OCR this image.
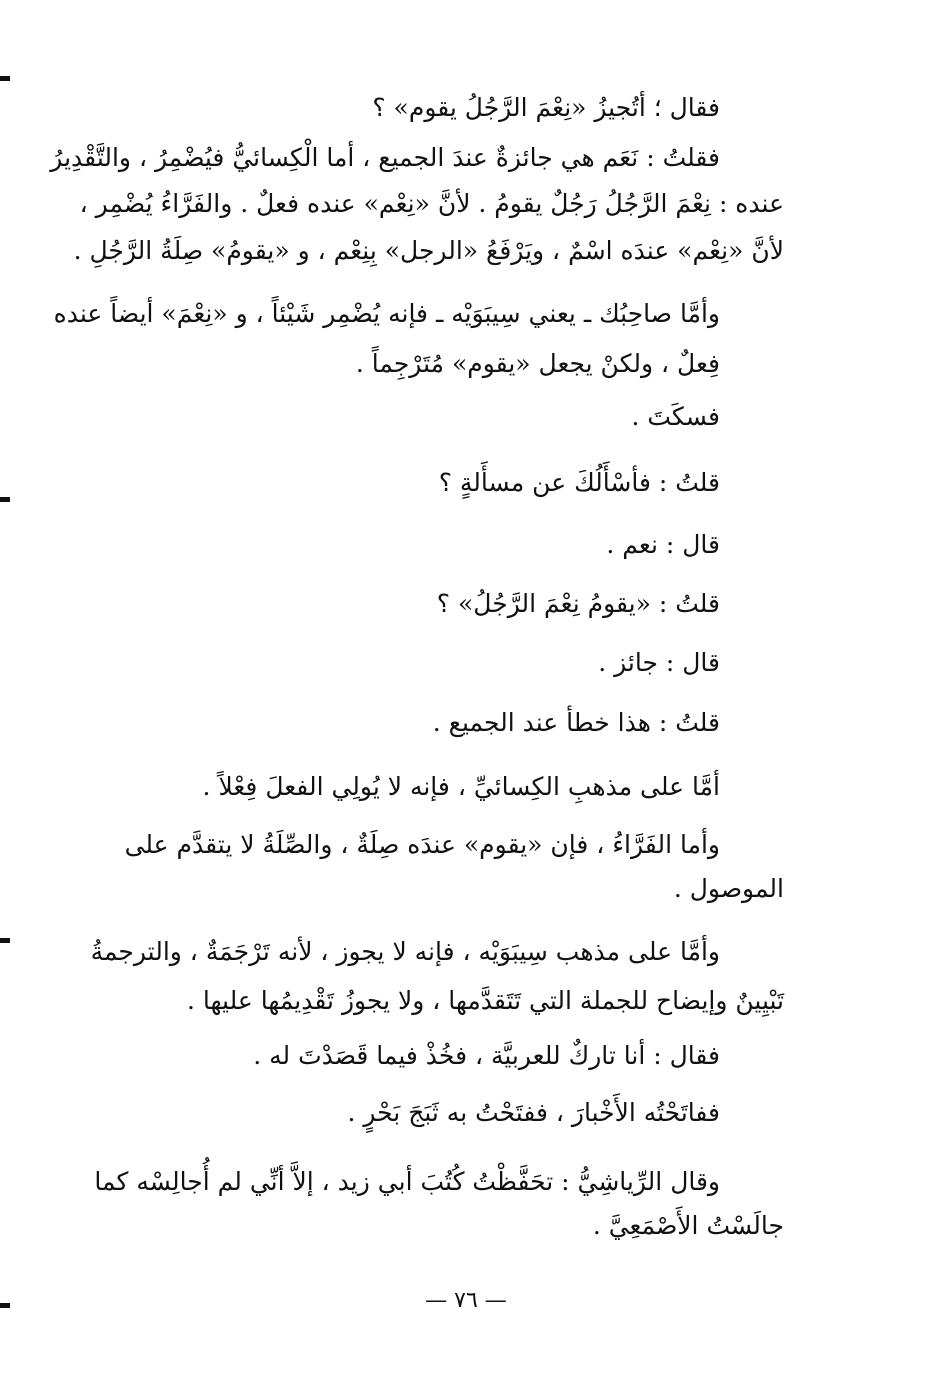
فقال ؛ أتُجيزُ «نِعْمَ الرَّجُلُ يقوم» ؟
فقلتُ : نَعَم هي جائزةٌ عندَ الجميع ، أما الْكِسائيُّ فيُضْمِرُ ، والتَّقْدِيرُ
عنده : نِعْمَ الرَّجُلُ رَجُلٌ يقومُ . لأنَّ «نِعْم» عنده فعلٌ . والفَرَّاءُ يُضْمِر ،
لأنَّ «نِعْم» عندَه اسْمٌ ، ويَرْفَعُ «الرجل» بِنِعْم ، و «يقومُ» صِلَةُ الرَّجُلِ .
وأمَّا صاحِبُك ـ يعني سِيبَوَيْه ـ فإنه يُضْمِر شَيْئاً ، و «نِعْمَ» أيضاً عنده
فِعلٌ ، ولكنْ يجعل «يقوم» مُتَرْجِماً .
فسكَتَ .
قلتُ : فأسْأَلُكَ عن مسأَلةٍ ؟
قال : نعم .
قلتُ : «يقومُ نِعْمَ الرَّجُلُ» ؟
قال : جائز .
قلتُ : هذا خطأ عند الجميع .
أمَّا على مذهبِ الكِسائيِّ ، فإنه لا يُولِي الفعلَ فِعْلاً .
وأما الفَرَّاءُ ، فإن «يقوم» عندَه صِلَةٌ ، والصِّلَةُ لا يتقدَّم على
الموصول .
وأمَّا على مذهب سِيبَوَيْه ، فإنه لا يجوز ، لأنه تَرْجَمَةٌ ، والترجمةُ
تَبْيِينٌ وإيضاح للجملة التي تَتَقدَّمها ، ولا يجوزُ تَقْدِيمُها عليها .
فقال : أنا تاركٌ للعربيَّة ، فخُذْ فيما قَصَدْتَ له .
ففاتَحْتُه الأَخْبارَ ، ففتَحْتُ به ثَبَجَ بَحْرٍ .
وقال الرِّياشِيُّ : تحَفَّظْتُ كُتُبَ أبي زيد ، إلاَّ أنِّي لم أُجالِسْه كما
جالَسْتُ الأَصْمَعِيَّ .
— ٧٦ —
